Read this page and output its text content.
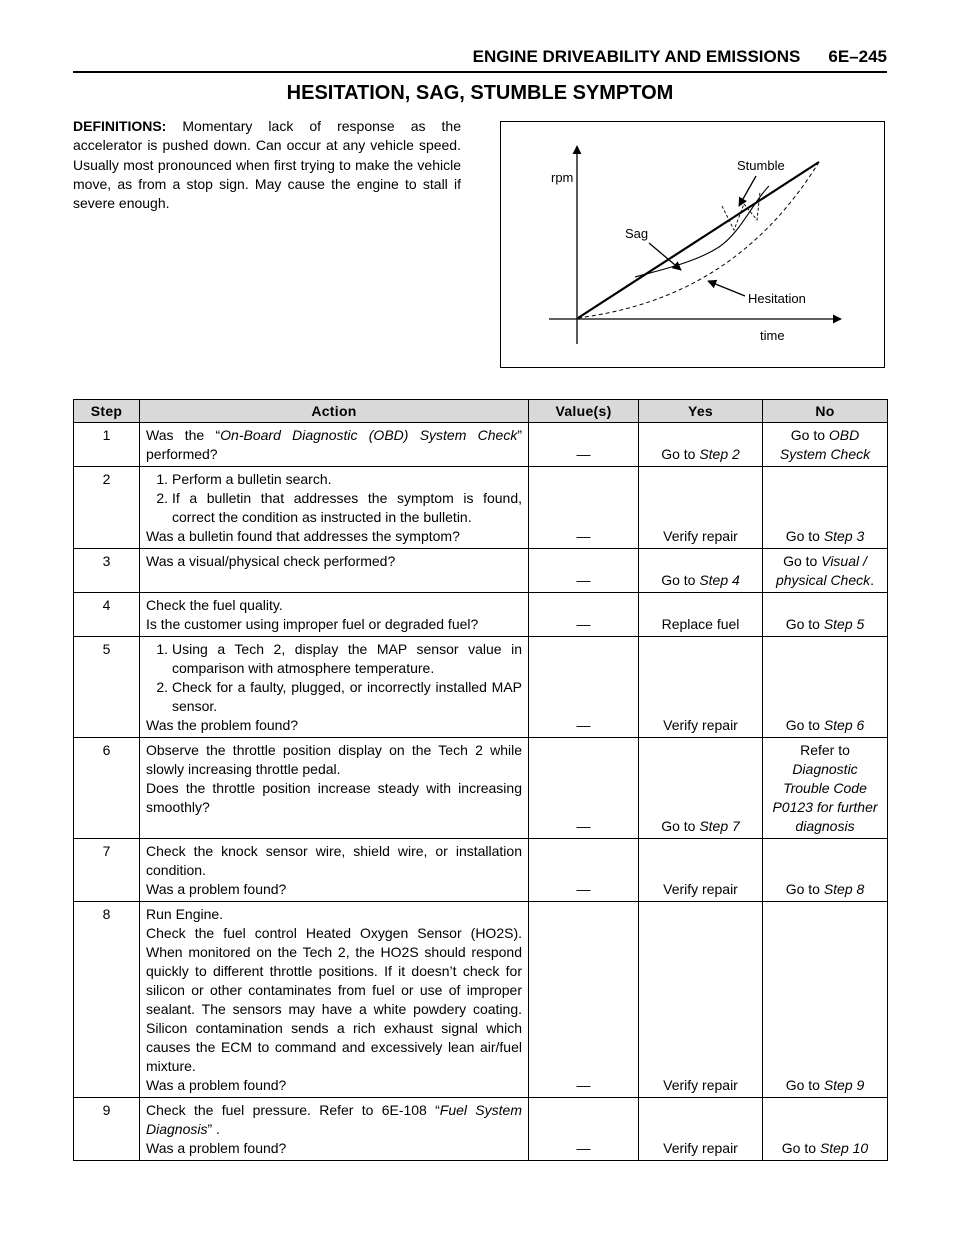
ENGINE DRIVEABILITY AND EMISSIONS 6E–245
HESITATION, SAG, STUMBLE SYMPTOM
DEFINITIONS: Momentary lack of response as the accelerator is pushed down. Can occur at any vehicle speed. Usually most pronounced when first trying to make the vehicle move, as from a stop sign. May cause the engine to stall if severe enough.
rpm
time
Stumble
Sag
Hesitation
Step	Action	Value(s)	Yes	No
1	Was the “On-Board Diagnostic (OBD) System Check” performed?	—	Go to Step 2	Go to OBD System Check
2	1. Perform a bulletin search.
2. If a bulletin that addresses the symptom is found, correct the condition as instructed in the bulletin.
Was a bulletin found that addresses the symptom?	—	Verify repair	Go to Step 3
3	Was a visual/physical check performed?	—	Go to Step 4	Go to Visual / physical Check.
4	Check the fuel quality.
Is the customer using improper fuel or degraded fuel?	—	Replace fuel	Go to Step 5
5	1. Using a Tech 2, display the MAP sensor value in comparison with atmosphere temperature.
2. Check for a faulty, plugged, or incorrectly installed MAP sensor.
Was the problem found?	—	Verify repair	Go to Step 6
6	Observe the throttle position display on the Tech 2 while slowly increasing throttle pedal.
Does the throttle position increase steady with increasing smoothly?	—	Go to Step 7	Refer to
Diagnostic Trouble Code P0123 for further diagnosis
7	Check the knock sensor wire, shield wire, or installation condition.
Was a problem found?	—	Verify repair	Go to Step 8
8	Run Engine.
Check the fuel control Heated Oxygen Sensor (HO2S). When monitored on the Tech 2, the HO2S should respond quickly to different throttle positions. If it doesn’t check for silicon or other contaminates from fuel or use of improper sealant. The sensors may have a white powdery coating. Silicon contamination sends a rich exhaust signal which causes the ECM to command and excessively lean air/fuel mixture.
Was a problem found?	—	Verify repair	Go to Step 9
9	Check the fuel pressure. Refer to 6E-108 “Fuel System Diagnosis” .
Was a problem found?	—	Verify repair	Go to Step 10
